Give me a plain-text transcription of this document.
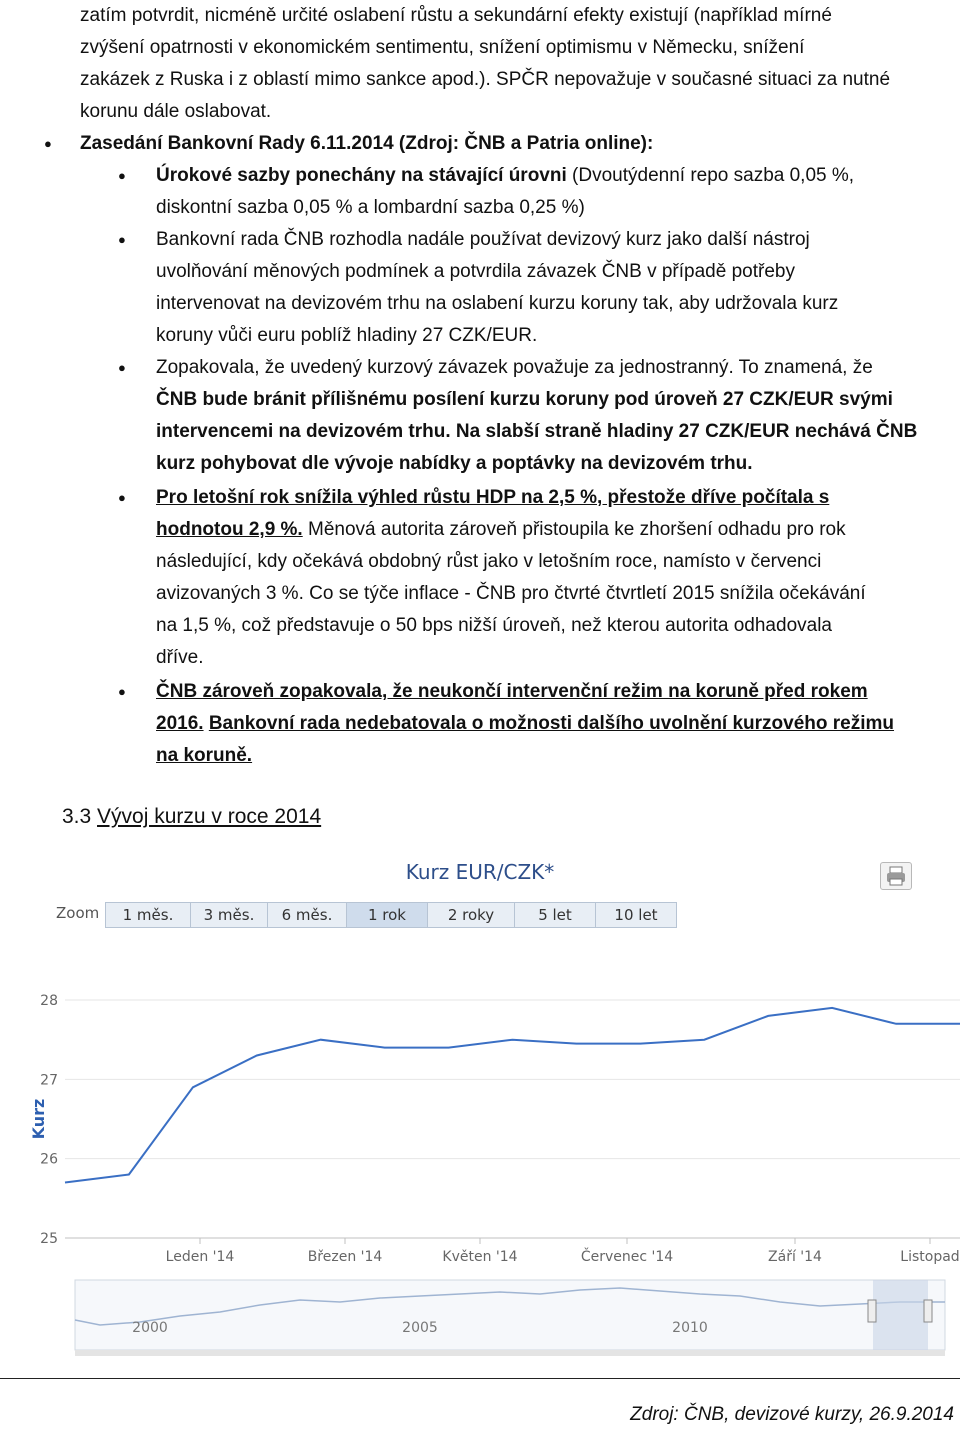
zatím potvrdit, nicméně určité oslabení růstu a sekundární efekty existují (například mírné
zvýšení opatrnosti v ekonomickém sentimentu, snížení optimismu v Německu, snížení
zakázek z Ruska i z oblastí mimo sankce apod.). SPČR nepovažuje v současné situaci za nutné
korunu dále oslabovat.
● Zasedání Bankovní Rady 6.11.2014 (Zdroj: ČNB a Patria online):
● Úrokové sazby ponechány na stávající úrovni (Dvoutýdenní repo sazba 0,05 %,
diskontní sazba 0,05 % a lombardní sazba 0,25 %)
● Bankovní rada ČNB rozhodla nadále používat devizový kurz jako další nástroj
uvolňování měnových podmínek a potvrdila závazek ČNB v případě potřeby
intervenovat na devizovém trhu na oslabení kurzu koruny tak, aby udržovala kurz
koruny vůči euru poblíž hladiny 27 CZK/EUR.
● Zopakovala, že uvedený kurzový závazek považuje za jednostranný. To znamená, že
ČNB bude bránit přílišnému posílení kurzu koruny pod úroveň 27 CZK/EUR svými
intervencemi na devizovém trhu. Na slabší straně hladiny 27 CZK/EUR nechává ČNB
kurz pohybovat dle vývoje nabídky a poptávky na devizovém trhu.
● Pro letošní rok snížila výhled růstu HDP na 2,5 %, přestože dříve počítala s
hodnotou 2,9 %. Měnová autorita zároveň přistoupila ke zhoršení odhadu pro rok
následující, kdy očekává obdobný růst jako v letošním roce, namísto v červenci
avizovaných 3 %. Co se týče inflace - ČNB pro čtvrté čtvrtletí 2015 snížila očekávání
na 1,5 %, což představuje o 50 bps nižší úroveň, než kterou autorita odhadovala
dříve.
● ČNB zároveň zopakovala, že neukončí intervenční režim na koruně před rokem
2016. Bankovní rada nedebatovala o možnosti dalšího uvolnění kurzového režimu
na koruně.
3.3 Vývoj kurzu v roce 2014
Kurz EUR/CZK*
Zoom	1 měs.	3 měs.	6 měs.	1 rok	2 roky	5 let	10 let
28
27
26
25
Kurz
Leden '14	Březen '14	Květen '14	Červenec '14	Září '14	Listopad
2000	2005	2010
Zdroj: ČNB, devizové kurzy, 26.9.2014
